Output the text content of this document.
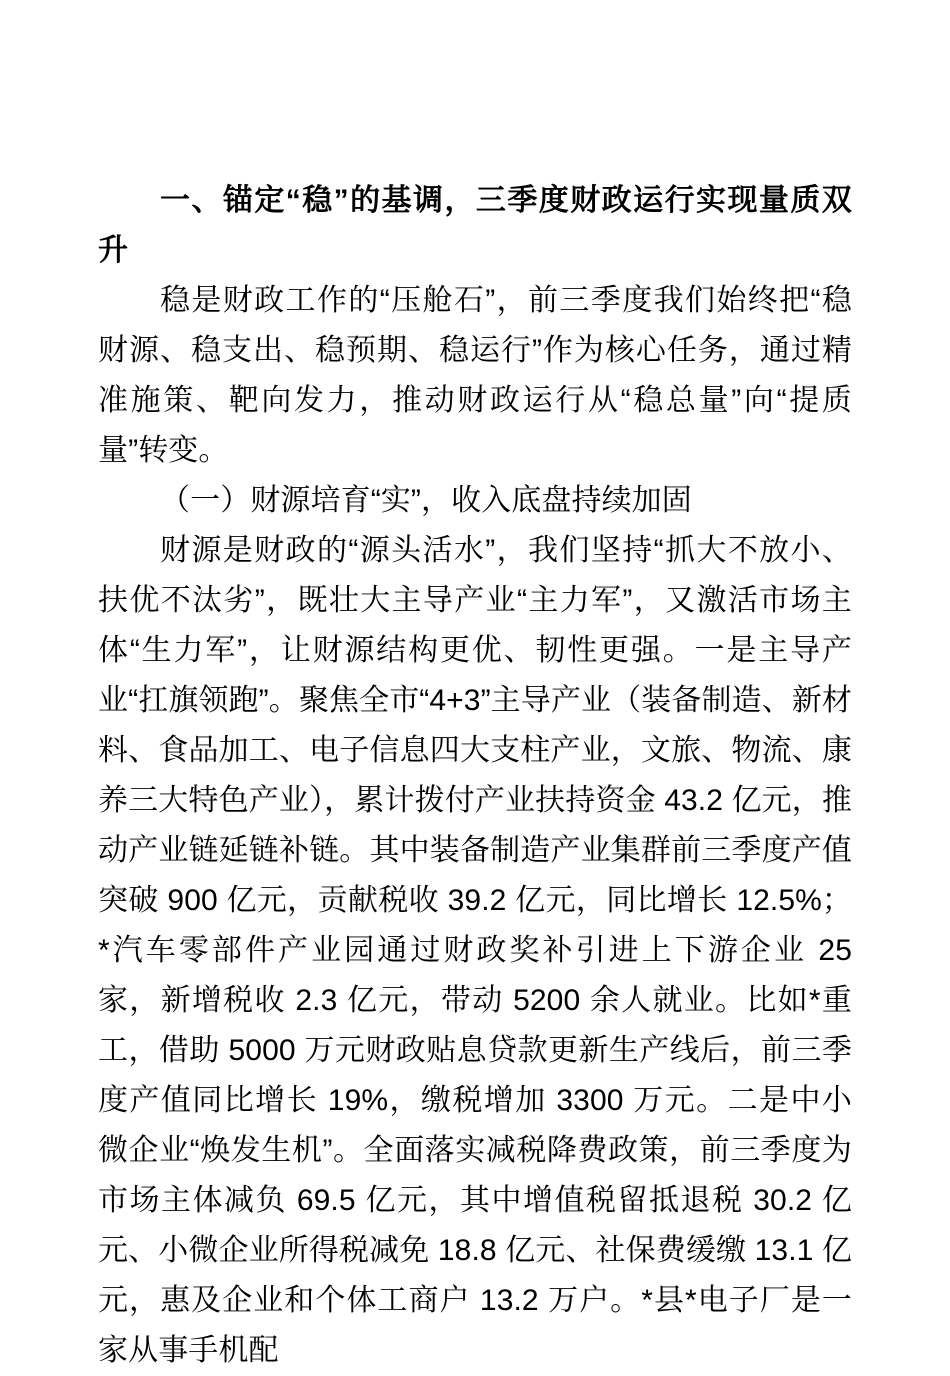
一、锚定“稳”的基调，三季度财政运行实现量质双升

稳是财政工作的“压舱石”，前三季度我们始终把“稳财源、稳支出、稳预期、稳运行”作为核心任务，通过精准施策、靶向发力，推动财政运行从“稳总量”向“提质量”转变。

（一）财源培育“实”，收入底盘持续加固

财源是财政的“源头活水”，我们坚持“抓大不放小、扶优不汰劣”，既壮大主导产业“主力军”，又激活市场主体“生力军”，让财源结构更优、韧性更强。一是主导产业“扛旗领跑”。聚焦全市“4+3”主导产业（装备制造、新材料、食品加工、电子信息四大支柱产业，文旅、物流、康养三大特色产业），累计拨付产业扶持资金 43.2 亿元，推动产业链延链补链。其中装备制造产业集群前三季度产值突破 900 亿元，贡献税收 39.2 亿元，同比增长 12.5%；*汽车零部件产业园通过财政奖补引进上下游企业 25 家，新增税收 2.3 亿元，带动 5200 余人就业。比如*重工，借助 5000 万元财政贴息贷款更新生产线后，前三季度产值同比增长 19%，缴税增加 3300 万元。二是中小微企业“焕发生机”。全面落实减税降费政策，前三季度为市场主体减负 69.5 亿元，其中增值税留抵退税 30.2 亿元、小微企业所得税减免 18.8 亿元、社保费缓缴 13.1 亿元，惠及企业和个体工商户 13.2 万户。*县*电子厂是一家从事手机配
